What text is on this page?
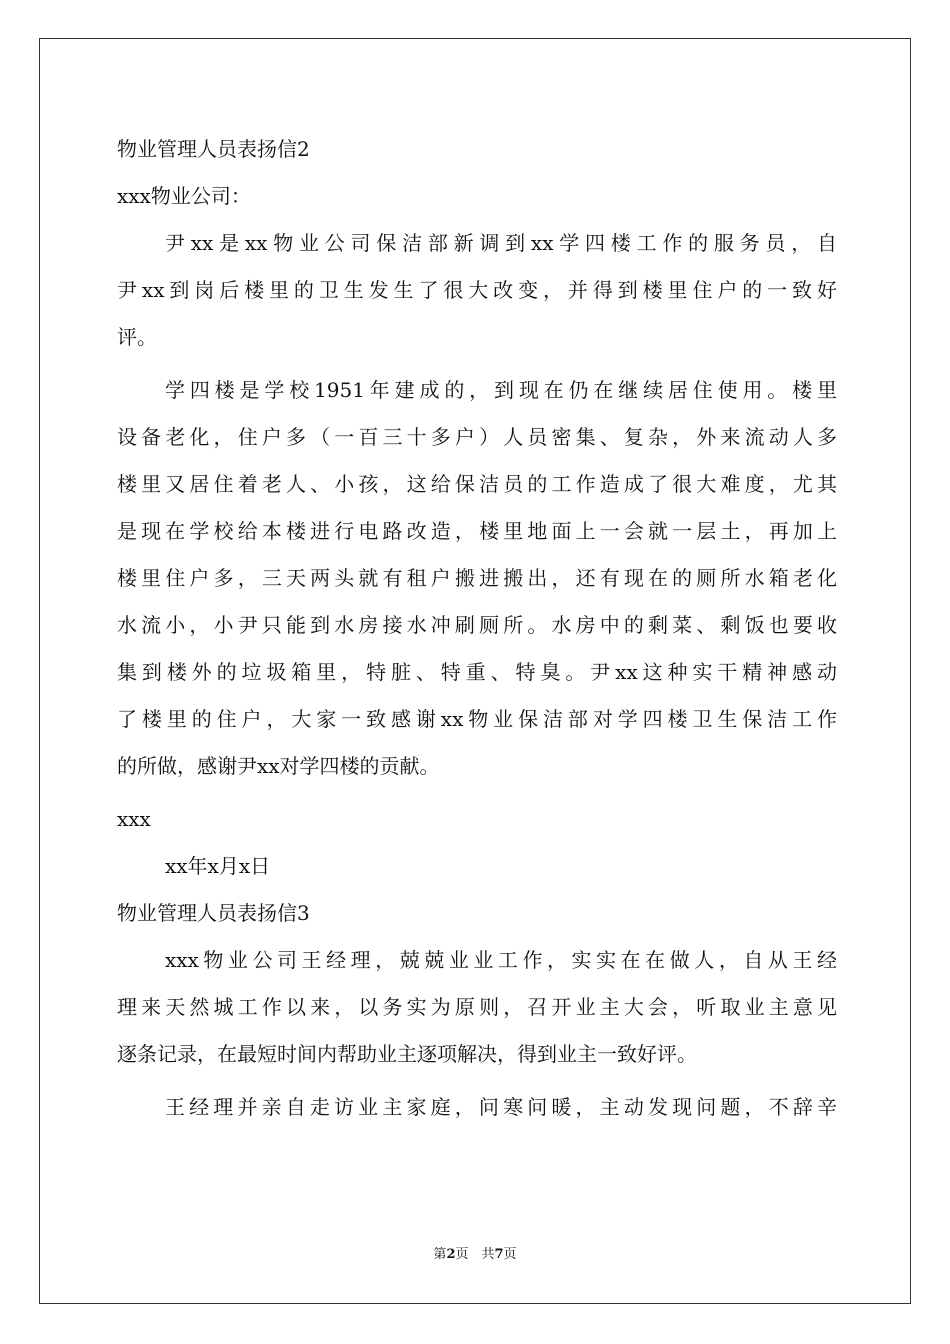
物业管理人员表扬信2
xxx物业公司：
尹xx是xx物业公司保洁部新调到xx学四楼工作的服务员，自
尹xx到岗后楼里的卫生发生了很大改变，并得到楼里住户的一致好
评。
学四楼是学校1951年建成的，到现在仍在继续居住使用。楼里
设备老化，住户多（一百三十多户）人员密集、复杂，外来流动人多
楼里又居住着老人、小孩，这给保洁员的工作造成了很大难度，尤其
是现在学校给本楼进行电路改造，楼里地面上一会就一层土，再加上
楼里住户多，三天两头就有租户搬进搬出，还有现在的厕所水箱老化
水流小，小尹只能到水房接水冲刷厕所。水房中的剩菜、剩饭也要收
集到楼外的垃圾箱里，特脏、特重、特臭。尹xx这种实干精神感动
了楼里的住户，大家一致感谢xx物业保洁部对学四楼卫生保洁工作
的所做，感谢尹xx对学四楼的贡献。
xxx
xx年x月x日
物业管理人员表扬信3
xxx物业公司王经理，兢兢业业工作，实实在在做人，自从王经
理来天然城工作以来，以务实为原则，召开业主大会，听取业主意见
逐条记录，在最短时间内帮助业主逐项解决，得到业主一致好评。
王经理并亲自走访业主家庭，问寒问暖，主动发现问题，不辞辛
第2页　共7页
